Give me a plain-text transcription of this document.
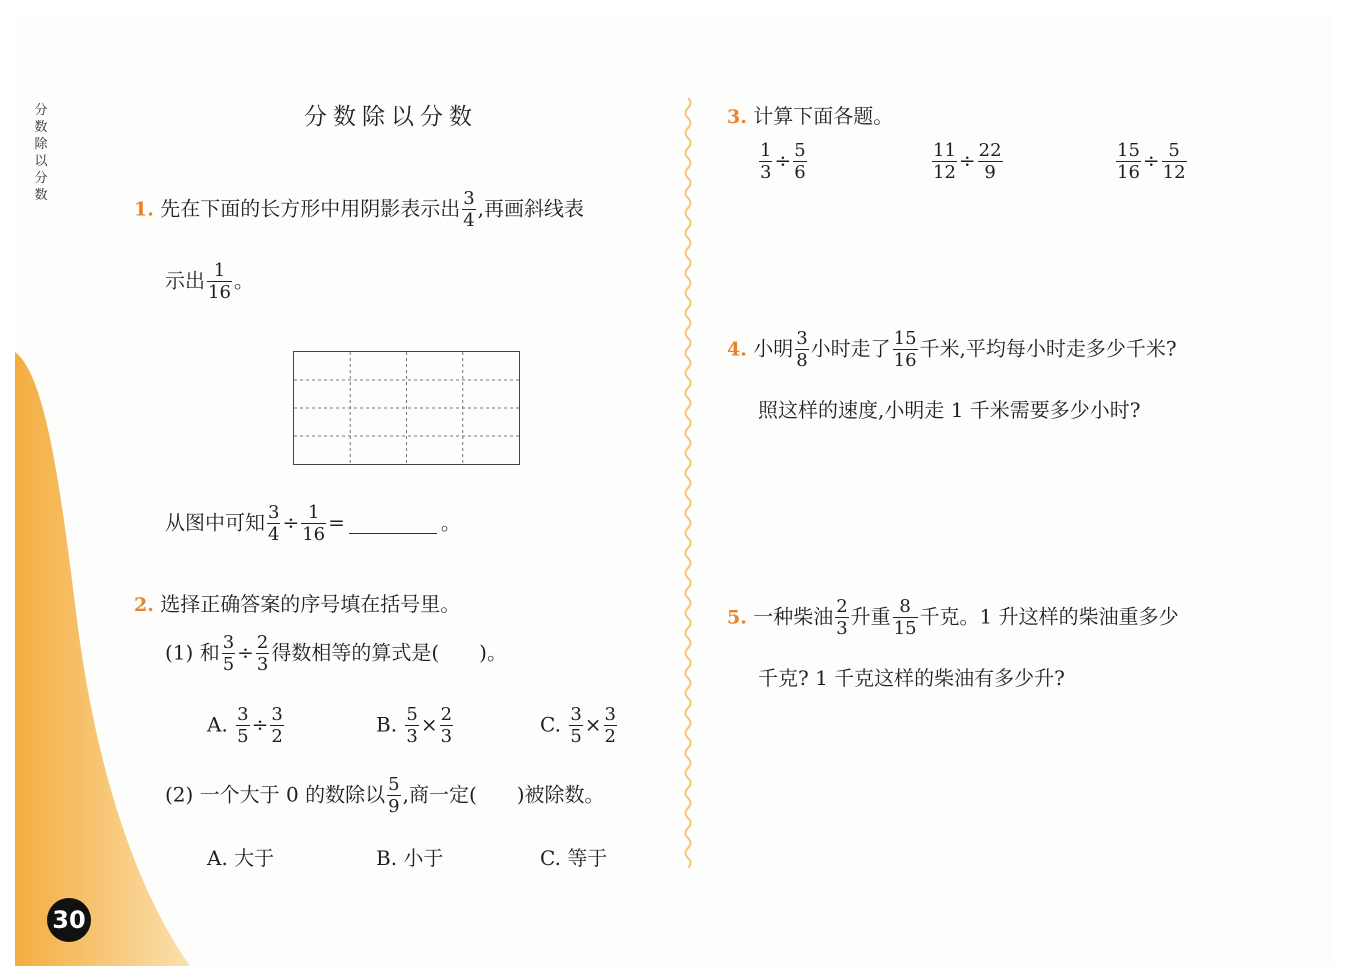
分
数
除
以
分
数
分数除以分数
1. 先在下面的长方形中用阴影表示出 $\frac{3}{4}$ ,再画斜线表
示出 $\frac{1}{16}$ 。
从图中可知 $\frac{3}{4} \div \frac{1}{16}$ =	。
2. 选择正确答案的序号填在括号里。
(1) 和 $\frac{3}{5} \div \frac{2}{3}$ 得数相等的算式是(　　)。
A. $\frac{3}{5} \div \frac{3}{2}$	B. $\frac{5}{3} \times \frac{2}{3}$	C. $\frac{3}{5} \times \frac{3}{2}$
(2) 一个大于 0 的数除以 $\frac{5}{9}$ ,商一定(　　)被除数。
A. 大于	B. 小于	C. 等于
3. 计算下面各题。
$\frac{1}{3} \div \frac{5}{6}$	$\frac{11}{12} \div \frac{22}{9}$	$\frac{15}{16} \div \frac{5}{12}$
4. 小明 $\frac{3}{8}$ 小时走了 $\frac{15}{16}$ 千米,平均每小时走多少千米?
照这样的速度,小明走 1 千米需要多少小时?
5. 一种柴油 $\frac{2}{3}$ 升重 $\frac{8}{15}$ 千克。1 升这样的柴油重多少
千克? 1 千克这样的柴油有多少升?
30
